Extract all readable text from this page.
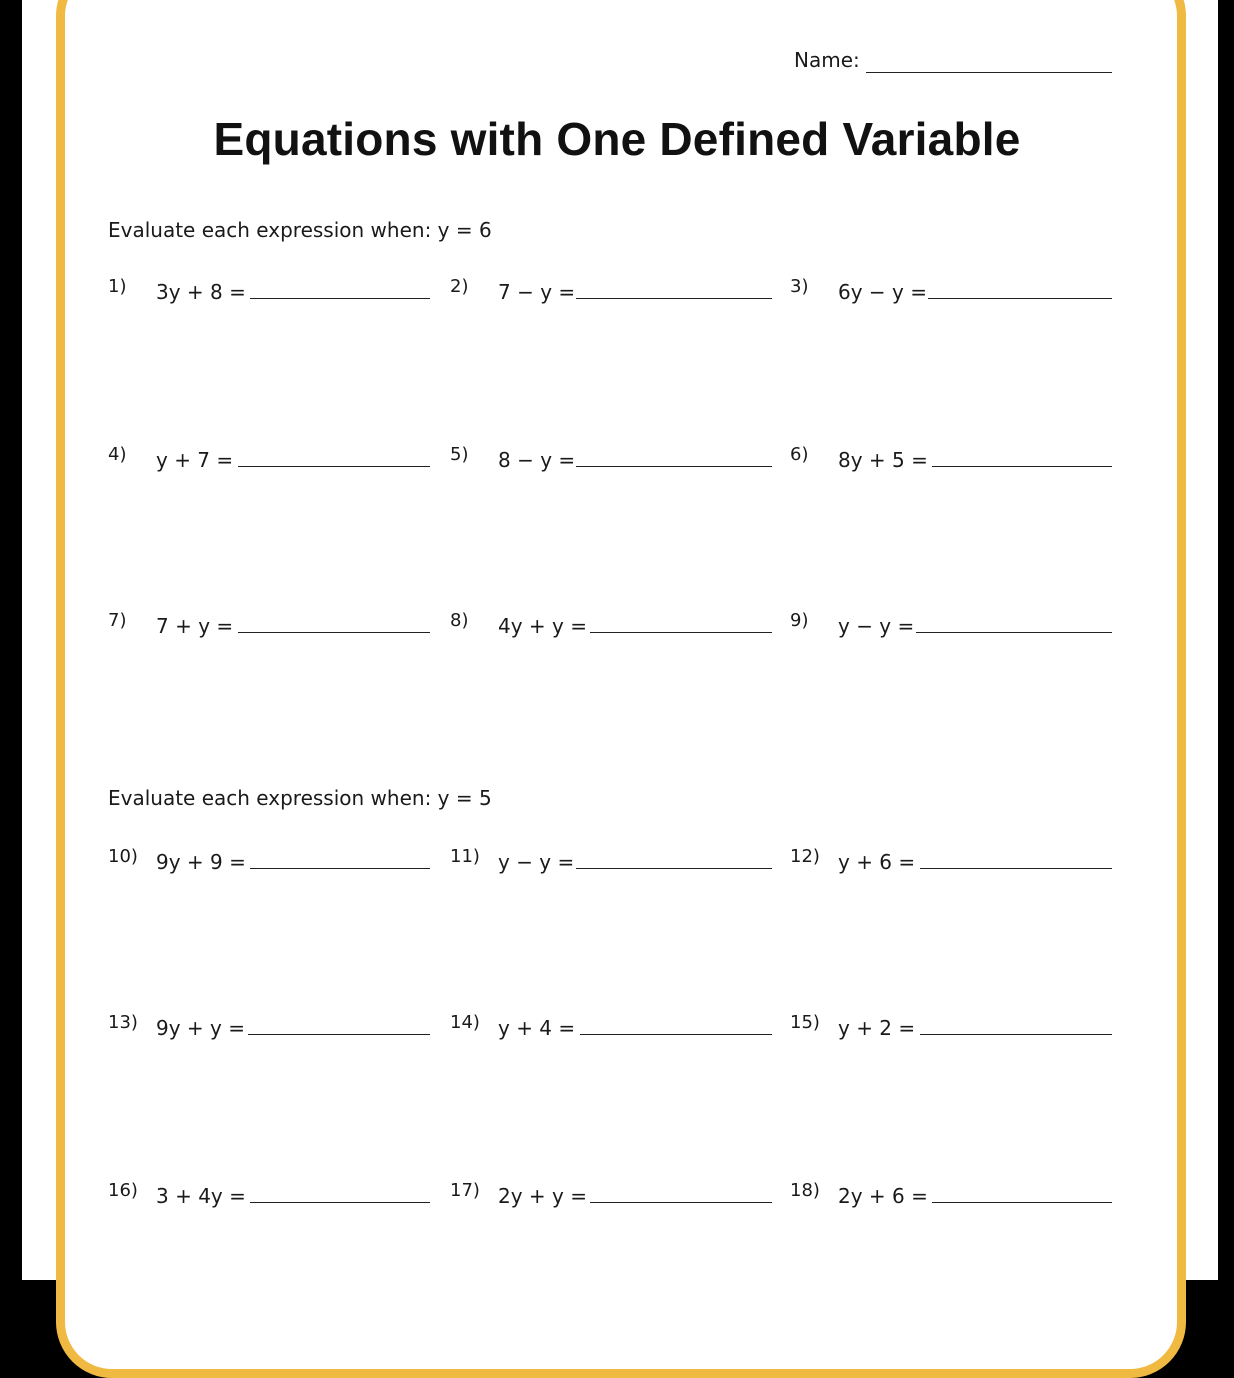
Name:
Equations with One Defined Variable
Evaluate each expression when: y = 6
1) 3y + 8 =	2) 7 − y =	3) 6y − y =
4) y + 7 =	5) 8 − y =	6) 8y + 5 =
7) 7 + y =	8) 4y + y =	9) y − y =
Evaluate each expression when: y = 5
10) 9y + 9 =	11) y − y =	12) y + 6 =
13) 9y + y =	14) y + 4 =	15) y + 2 =
16) 3 + 4y =	17) 2y + y =	18) 2y + 6 =
